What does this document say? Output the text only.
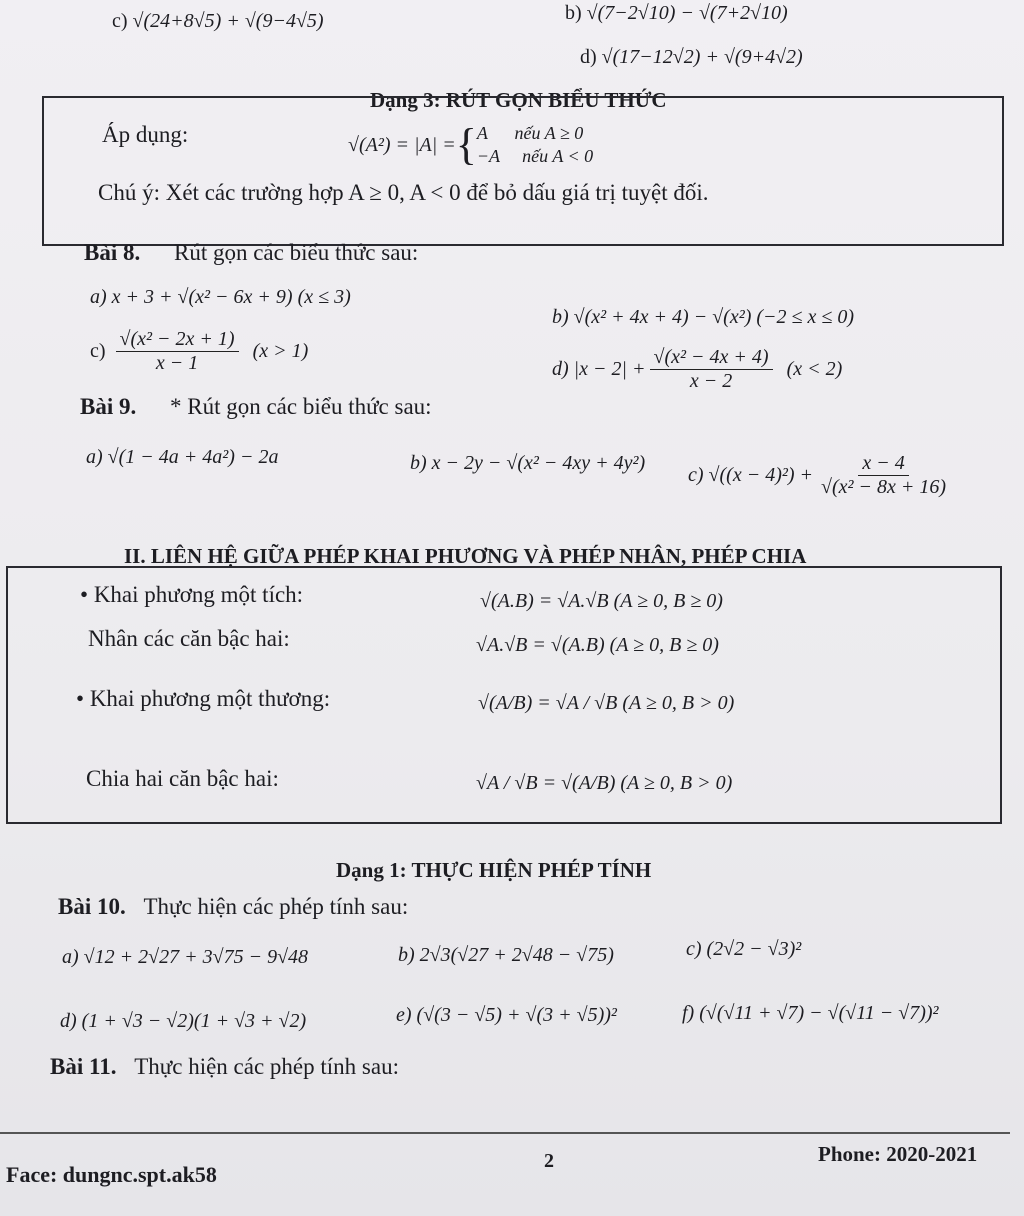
c) √(24+8√5) + √(9−4√5)	b) √(7−2√10) − √(7+2√10)
d) √(17−12√2) + √(9+4√2)
Dạng 3: RÚT GỌN BIỂU THỨC
Áp dụng:	√(A²) = |A| = { A      nếu A ≥ 0
−A     nếu A < 0
Chú ý: Xét các trường hợp A ≥ 0, A < 0 để bỏ dấu giá trị tuyệt đối.
Bài 8. Rút gọn các biểu thức sau:
a) x + 3 + √(x² − 6x + 9) (x ≤ 3)
b) √(x² + 4x + 4) − √(x²) (−2 ≤ x ≤ 0)
$c) \frac{\text{√(x² − 2x + 1)}}{x - 1} (x > 1)$
d) $|x - 2| + \frac{\text{√(x² − 4x + 4)}}{x - 2} (x < 2)$
Bài 9. * Rút gọn các biểu thức sau:
a) √(1 − 4a + 4a²) − 2a	b) x − 2y − √(x² − 4xy + 4y²)
c) $√((x - 4)^2) + \frac{x - 4}{\text{√(x² − 8x + 16)}}$
II. LIÊN HỆ GIỮA PHÉP KHAI PHƯƠNG VÀ PHÉP NHÂN, PHÉP CHIA
• Khai phương một tích:	√(A.B) = √A.√B (A ≥ 0, B ≥ 0)
Nhân các căn bậc hai:	√A.√B = √(A.B) (A ≥ 0, B ≥ 0)
• Khai phương một thương:	√(A/B) = √A / √B (A ≥ 0, B > 0)
Chia hai căn bậc hai:	√A / √B = √(A/B) (A ≥ 0, B > 0)
Dạng 1: THỰC HIỆN PHÉP TÍNH
Bài 10. Thực hiện các phép tính sau:
a) √12 + 2√27 + 3√75 − 9√48	b) 2√3(√27 + 2√48 − √75)	c) (2√2 − √3)²
d) (1 + √3 − √2)(1 + √3 + √2)	e) (√(3 − √5) + √(3 + √5))²	f) (√(√11 + √7) − √(√11 − √7))²
Bài 11. Thực hiện các phép tính sau:
Face: dungnc.spt.ak58
2	Phone: 2020-2021
